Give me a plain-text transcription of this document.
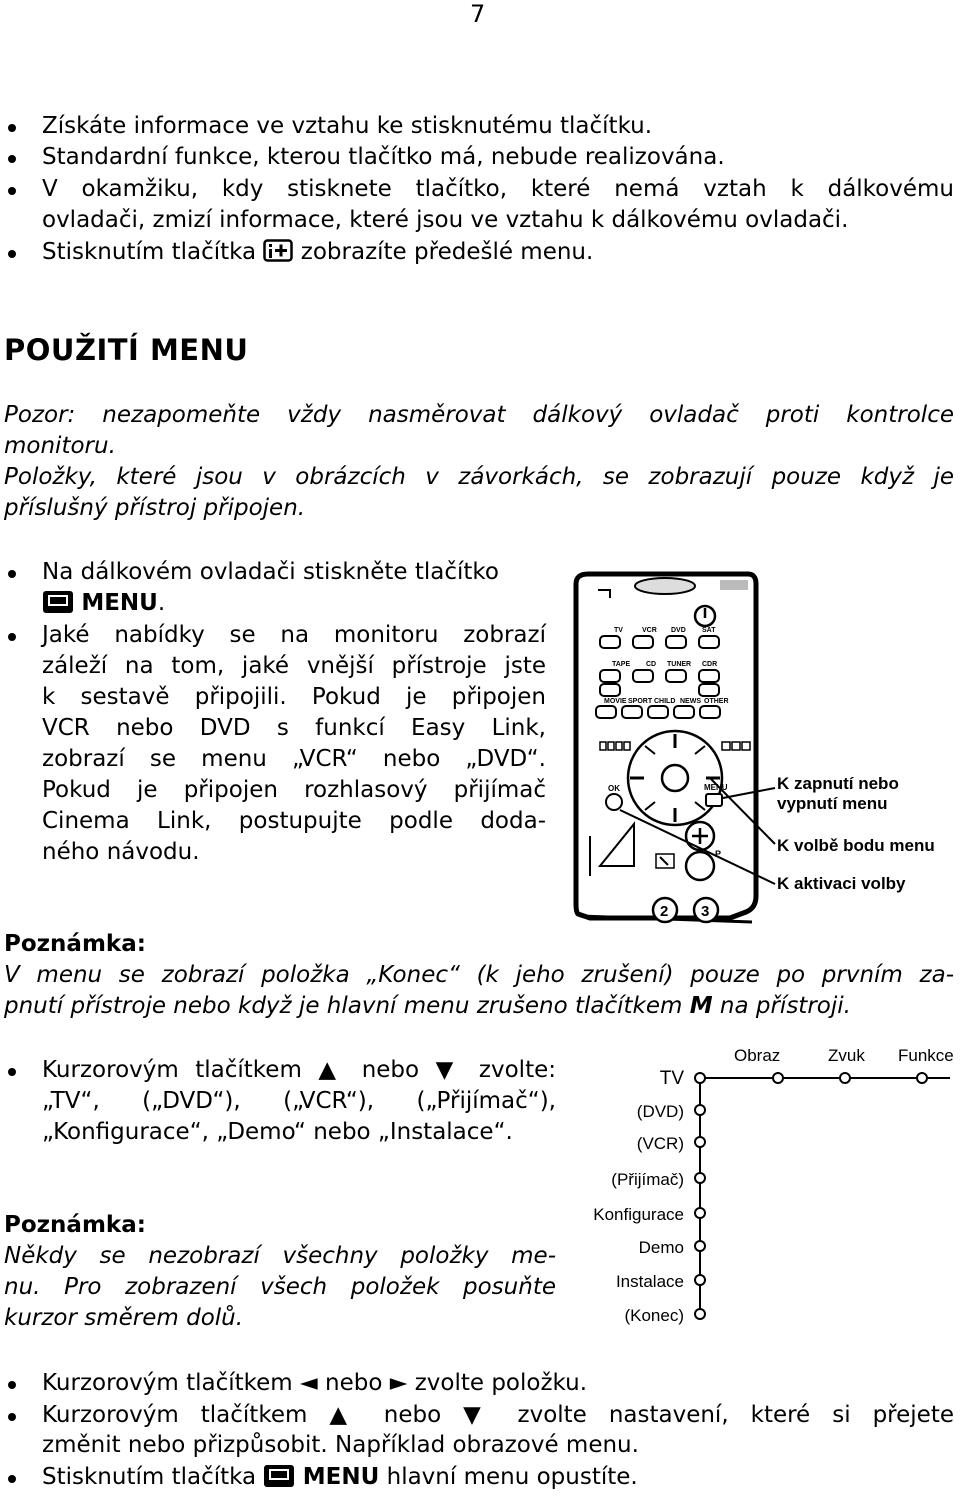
7
Získáte informace ve vztahu ke stisknutému tlačítku.
Standardní funkce, kterou tlačítko má, nebude realizována.
V okamžiku, kdy stisknete tlačítko, které nemá vztah k dálkovému
ovladači, zmizí informace, které jsou ve vztahu k dálkovému ovladači.
Stisknutím tlačítka zobrazíte předešlé menu.
POUŽITÍ MENU
Pozor: nezapomeňte vždy nasměrovat dálkový ovladač proti kontrolce
monitoru.
Položky, které jsou v obrázcích v závorkách, se zobrazují pouze když je
příslušný přístroj připojen.
Na dálkovém ovladači stiskněte tlačítko
MENU.
Jaké nabídky se na monitoru zobrazí
záleží na tom, jaké vnější přístroje jste
k sestavě připojili. Pokud je připojen
VCR nebo DVD s funkcí Easy Link,
zobrazí se menu „VCR“ nebo „DVD“.
Pokud je připojen rozhlasový přijímač
Cinema Link, postupujte podle doda-
ného návodu.
TV	VCR DVD SAT
TAPE CD TUNER CDR
MOVIE SPORT CHILD NEWS OTHER
OK	MENU
P
2 3
K zapnutí nebo
vypnutí menu
K volbě bodu menu
K aktivaci volby
Poznámka:
V menu se zobrazí položka „Konec“ (k jeho zrušení) pouze po prvním za-
pnutí přístroje nebo když je hlavní menu zrušeno tlačítkem M na přístroji.
Kurzorovým tlačítkem ▲ nebo ▼ zvolte:
„TV“, („DVD“), („VCR“), („Přijímač“),
„Konfigurace“, „Demo“ nebo „Instalace“.
Obraz	Zvuk Funkce
TV
(DVD)
(VCR)
(Přijímač)
Konfigurace
Demo
Instalace
(Konec)
Poznámka:
Někdy se nezobrazí všechny položky me-
nu. Pro zobrazení všech položek posuňte
kurzor směrem dolů.
Kurzorovým tlačítkem ◄ nebo ► zvolte položku.
Kurzorovým tlačítkem ▲ nebo ▼ zvolte nastavení, které si přejete
změnit nebo přizpůsobit. Například obrazové menu.
Stisknutím tlačítka MENU hlavní menu opustíte.
